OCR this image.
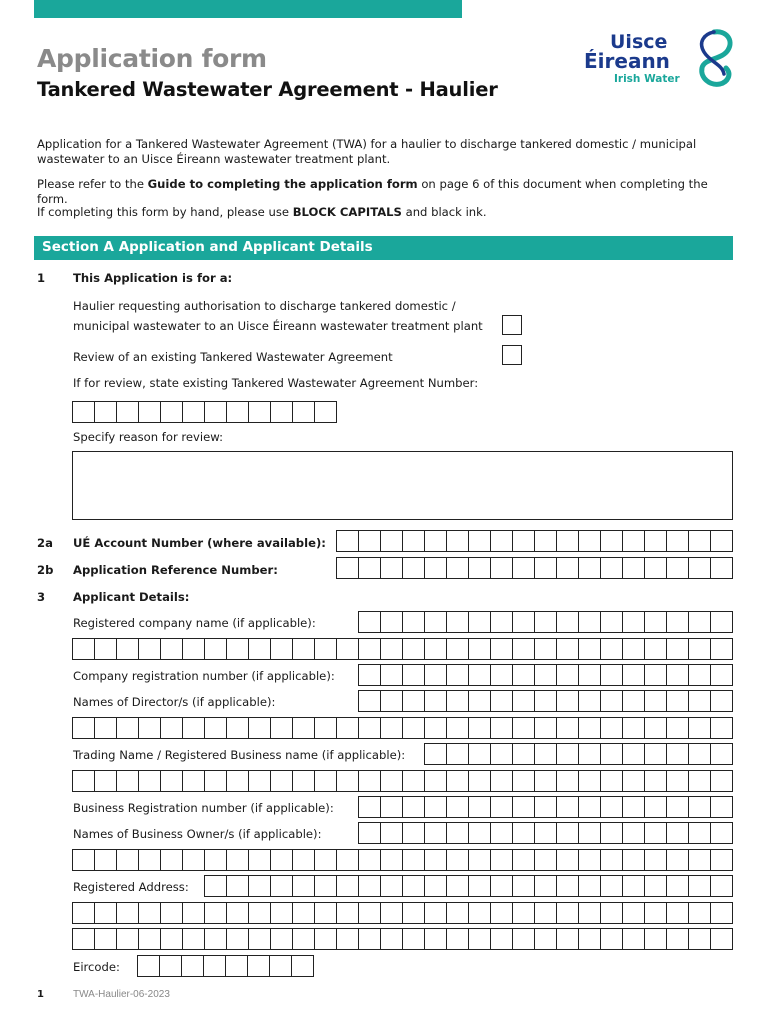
Application form
Tankered Wastewater Agreement - Haulier
Uisce
Éireann
Irish Water
Application for a Tankered Wastewater Agreement (TWA) for a haulier to discharge tankered domestic / municipal wastewater to an Uisce Éireann wastewater treatment plant.
Please refer to the Guide to completing the application form on page 6 of this document when completing the form.
If completing this form by hand, please use BLOCK CAPITALS and black ink.
Section A Application and Applicant Details
1 This Application is for a:
Haulier requesting authorisation to discharge tankered domestic /
municipal wastewater to an Uisce Éireann wastewater treatment plant
Review of an existing Tankered Wastewater Agreement
If for review, state existing Tankered Wastewater Agreement Number:
Specify reason for review:
2a UÉ Account Number (where available):
2b Application Reference Number:
3 Applicant Details:
Registered company name (if applicable):
Company registration number (if applicable):
Names of Director/s (if applicable):
Trading Name / Registered Business name (if applicable):
Business Registration number (if applicable):
Names of Business Owner/s (if applicable):
Registered Address:
Eircode:
1	TWA-Haulier-06-2023
